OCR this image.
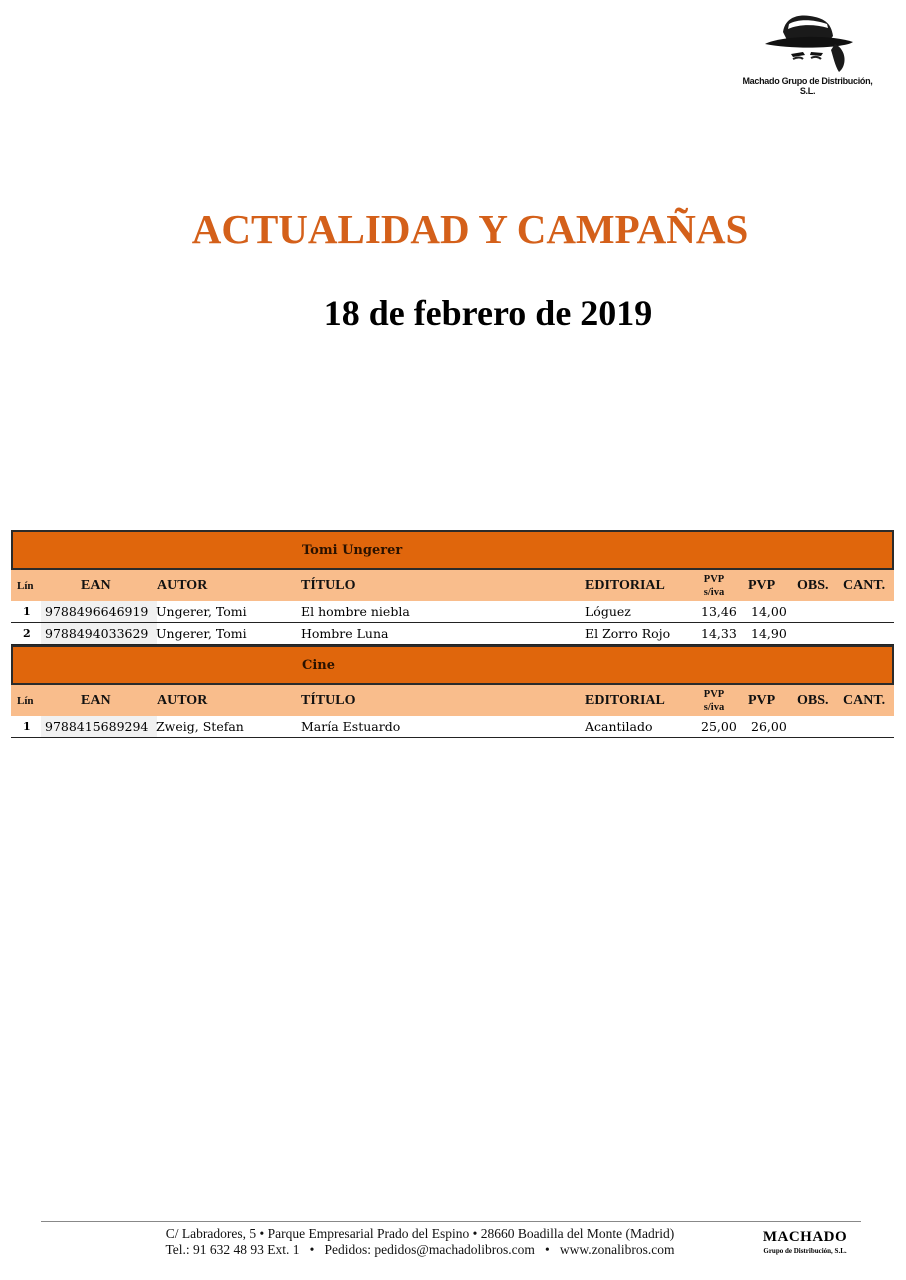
Machado Grupo de Distribución, S.L.
ACTUALIDAD Y CAMPAÑAS
18 de febrero de 2019
Tomi Ungerer
Lín	EAN	AUTOR	TÍTULO	EDITORIAL	PVP
s/iva PVP OBS. CANT.
1	9788496646919 Ungerer, Tomi	El hombre niebla	Lóguez	13,46 14,00
2	9788494033629 Ungerer, Tomi	Hombre Luna	El Zorro Rojo 14,33 14,90
Cine
Lín	EAN	AUTOR	TÍTULO	EDITORIAL	PVP
s/iva PVP OBS. CANT.
1	9788415689294 Zweig, Stefan	María Estuardo	Acantilado	25,00 26,00
C/ Labradores, 5 • Parque Empresarial Prado del Espino • 28660 Boadilla del Monte (Madrid)
Tel.: 91 632 48 93 Ext. 1   •   Pedidos: pedidos@machadolibros.com   •   www.zonalibros.com
MACHADO
Grupo de Distribución, S.L.
